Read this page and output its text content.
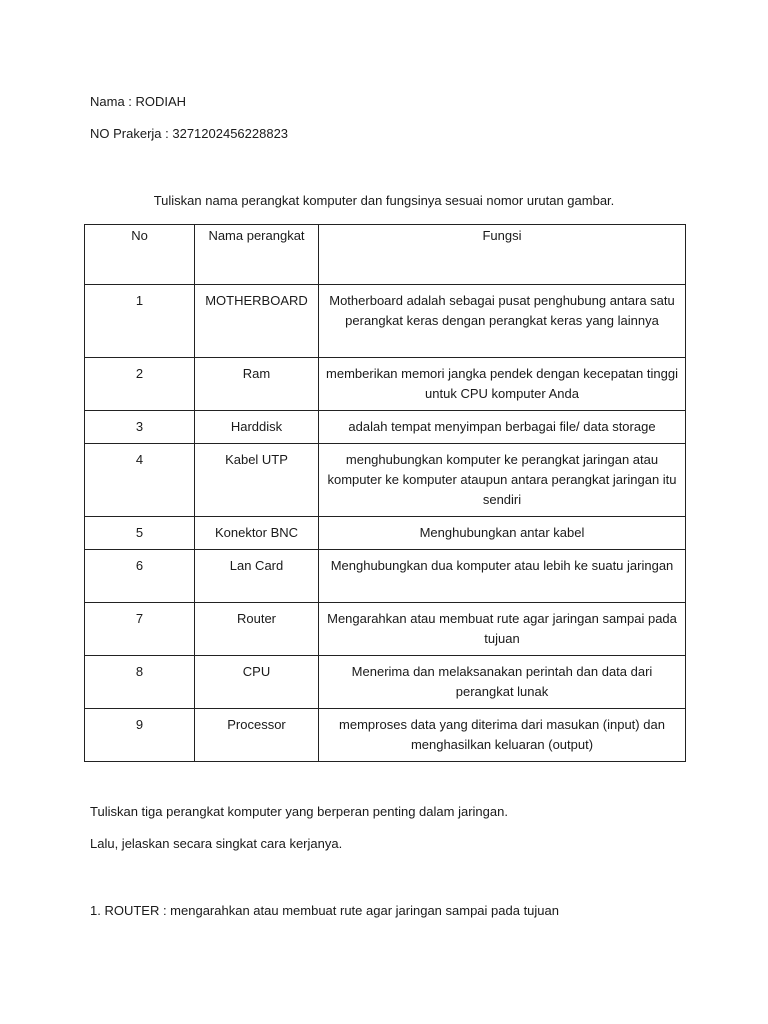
Nama : RODIAH
NO Prakerja : 3271202456228823
Tuliskan nama perangkat komputer dan fungsinya sesuai nomor urutan gambar.
No	Nama perangkat	Fungsi
1	MOTHERBOARD	Motherboard adalah sebagai pusat penghubung antara satu perangkat keras dengan perangkat keras yang lainnya
2	Ram	memberikan memori jangka pendek dengan kecepatan tinggi untuk CPU komputer Anda
3	Harddisk	adalah tempat menyimpan berbagai file/ data storage
4	Kabel UTP	menghubungkan komputer ke perangkat jaringan atau komputer ke komputer ataupun antara perangkat jaringan itu sendiri
5	Konektor BNC	Menghubungkan antar kabel
6	Lan Card	Menghubungkan dua komputer atau lebih ke suatu jaringan
7	Router	Mengarahkan atau membuat rute agar jaringan sampai pada tujuan
8	CPU	Menerima dan melaksanakan perintah dan data dari perangkat lunak
9	Processor	memproses data yang diterima dari masukan (input) dan menghasilkan keluaran (output)
Tuliskan tiga perangkat komputer yang berperan penting dalam jaringan.
Lalu, jelaskan secara singkat cara kerjanya.
1. ROUTER : mengarahkan atau membuat rute agar jaringan sampai pada tujuan
